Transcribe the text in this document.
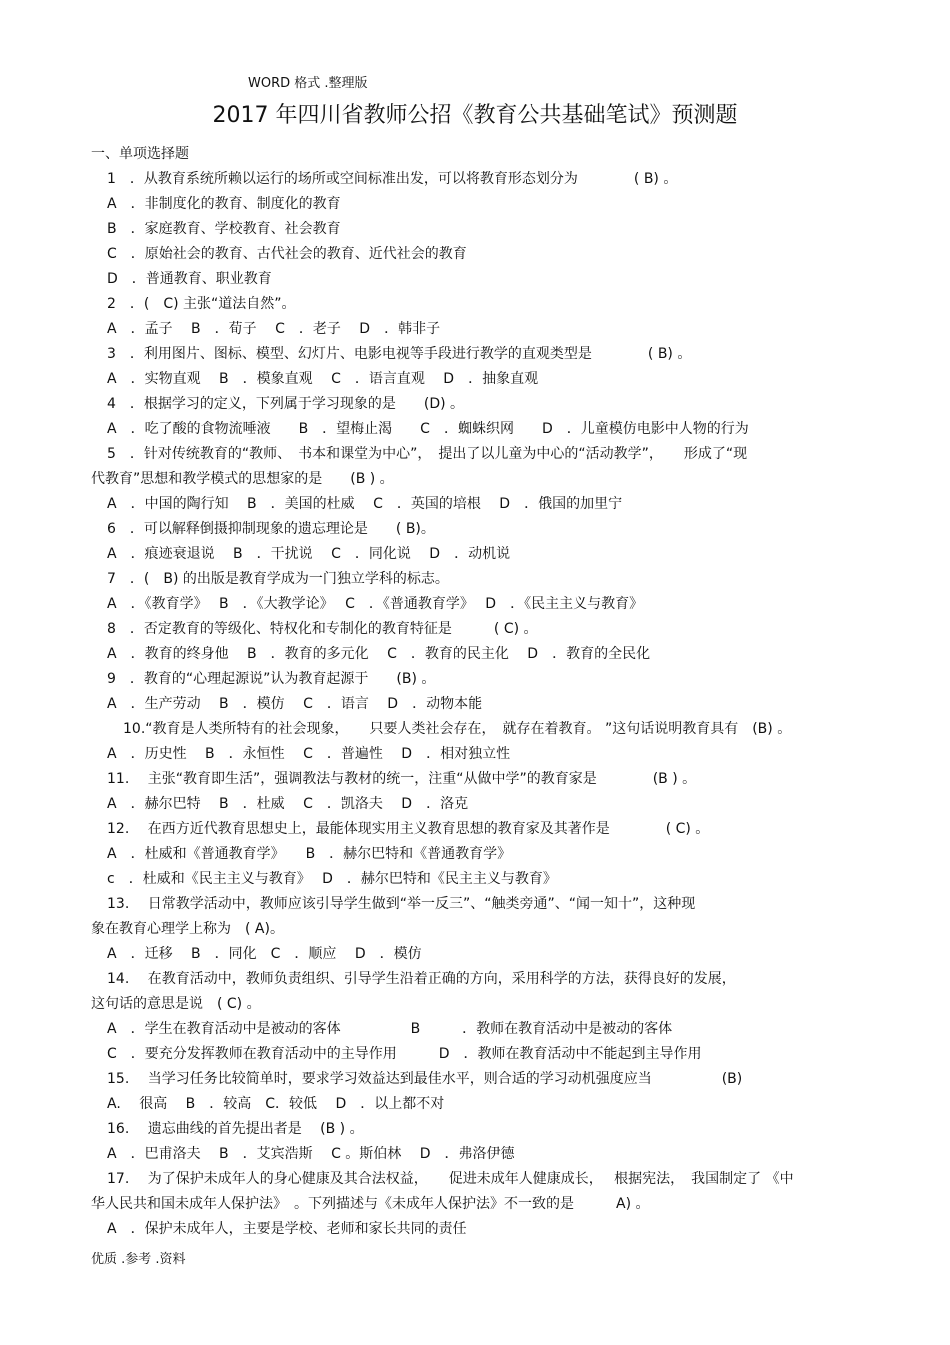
WORD 格式 .整理版
2017 年四川省教师公招《教育公共基础笔试》预测题
一、单项选择题
1　．从教育系统所赖以运行的场所或空间标准出发，可以将教育形态划分为　　　　( B) 。
A　．非制度化的教育、制度化的教育
B　．家庭教育、学校教育、社会教育
C　．原始社会的教育、古代社会的教育、近代社会的教育
D　．普通教育、职业教育
2　．(　C) 主张“道法自然”。
A　．孟子　 B　．荀子　 C　．老子　 D　．韩非子
3　．利用图片、图标、模型、幻灯片、电影电视等手段进行教学的直观类型是　　　　( B) 。
A　．实物直观　 B　．模象直观　 C　．语言直观　 D　．抽象直观
4　．根据学习的定义，下列属于学习现象的是　　(D) 。
A　．吃了酸的食物流唾液　　B　．望梅止渴　　C　．蜘蛛织网　　D　．儿童模仿电影中人物的行为
5　．针对传统教育的“教师、　书本和课堂为中心”，　提出了以儿童为中心的“活动教学”，　　形成了“现
代教育”思想和教学模式的思想家的是　　(B ) 。
A　．中国的陶行知　 B　．美国的杜威　 C　．英国的培根　 D　．俄国的加里宁
6　．可以解释倒摄抑制现象的遗忘理论是　　( B)。
A　．痕迹衰退说　 B　．干扰说　 C　．同化说　 D　．动机说
7　．(　B) 的出版是教育学成为一门独立学科的标志。
A　．《教育学》　 B　．《大教学论》　 C　．《普通教育学》　 D　．《民主主义与教育》
8　．否定教育的等级化、特权化和专制化的教育特征是　　　( C) 。
A　．教育的终身他　 B　．教育的多元化　 C　．教育的民主化　 D　．教育的全民化
9　．教育的“心理起源说”认为教育起源于　　(B) 。
A　．生产劳动　 B　．模仿　 C　．语言　 D　．动物本能
10.“教育是人类所特有的社会现象，　　只要人类社会存在，　就存在着教育。 ”这句话说明教育具有　(B) 。
A　．历史性　 B　．永恒性　 C　．普遍性　 D　．相对独立性
11.　 主张“教育即生活”，强调教法与教材的统一，注重“从做中学”的教育家是　　　　(B ) 。
A　．赫尔巴特　 B　．杜威　 C　．凯洛夫　 D　．洛克
12.　 在西方近代教育思想史上，最能体现实用主义教育思想的教育家及其著作是　　　　( C) 。
A　．杜威和《普通教育学》　　B　．赫尔巴特和《普通教育学》
c　．杜威和《民主主义与教育》　 D　．赫尔巴特和《民主主义与教育》
13.　 日常教学活动中，教师应该引导学生做到“举一反三”、“触类旁通”、“闻一知十”，这种现
象在教育心理学上称为　( A)。
A　．迁移　 B　．同化　C　．顺应　 D　．模仿
14.　 在教育活动中，教师负责组织、引导学生沿着正确的方向，采用科学的方法，获得良好的发展，
这句话的意思是说　( C) 。
A　．学生在教育活动中是被动的客体　　　　　B　　　．教师在教育活动中是被动的客体
C　．要充分发挥教师在教育活动中的主导作用　　　D　．教师在教育活动中不能起到主导作用
15.　 当学习任务比较简单时，要求学习效益达到最佳水平，则合适的学习动机强度应当　　　　　(B)
A.　 很高　 B　．较高　C．较低　 D　．以上都不对
16.　 遗忘曲线的首先提出者是　 (B ) 。
A　．巴甫洛夫　 B　．艾宾浩斯　 C 。斯伯林　 D　．弗洛伊德
17.　 为了保护未成年人的身心健康及其合法权益，　　促进未成年人健康成长，　 根据宪法，　我国制定了 《中
华人民共和国未成年人保护法》　。下列描述与《未成年人保护法》不一致的是　　　A) 。
A　．保护未成年人，主要是学校、老师和家长共同的责任
优质 .参考 .资料
